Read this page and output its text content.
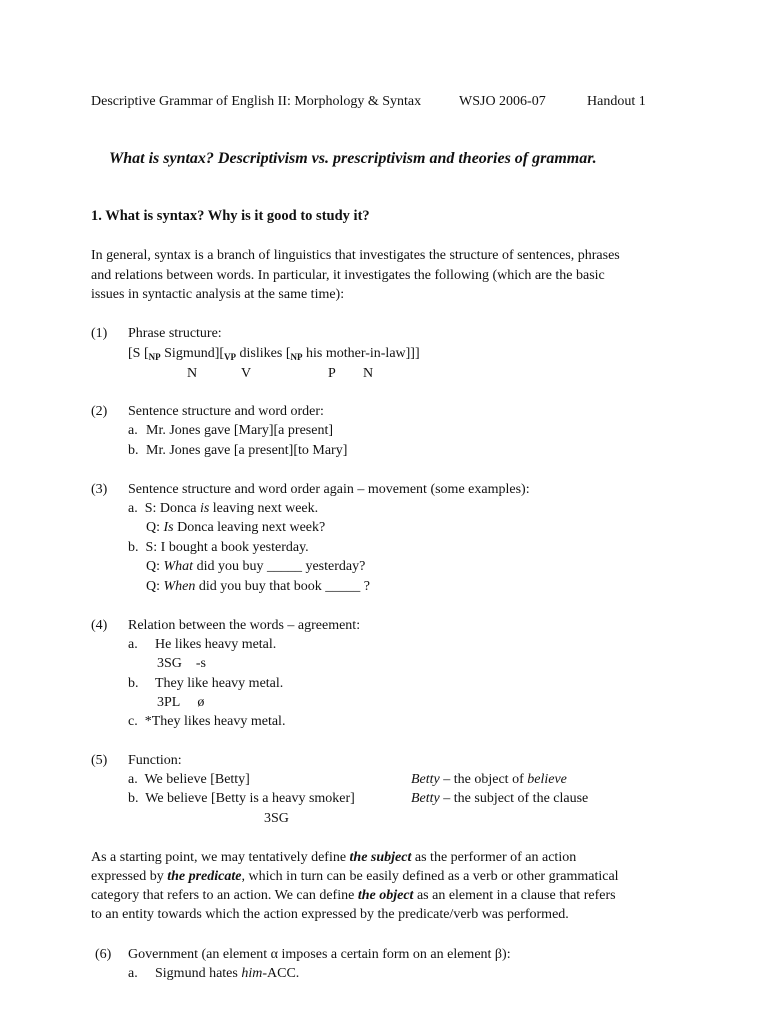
Descriptive Grammar of English II: Morphology & Syntax	WSJO 2006-07	Handout 1
What is syntax? Descriptivism vs. prescriptivism and theories of grammar.
1. What is syntax? Why is it good to study it?
In general, syntax is a branch of linguistics that investigates the structure of sentences, phrases
and relations between words. In particular, it investigates the following (which are the basic
issues in syntactic analysis at the same time):
(1) Phrase structure:
[S [$_{NP}$ $Sigmund][_{VP}$ dislikes [$_{NP}$ his mother-in-law]]]
N	V	P N
(2) Sentence structure and word order:
a. Mr. Jones gave [Mary][a present]
b. Mr. Jones gave [a present][to Mary]
(3) Sentence structure and word order again – movement (some examples):
a.  S: Donca is leaving next week.
Q: Is Donca leaving next week?
b.  S: I bought a book yesterday.
Q: What did you buy _____ yesterday?
Q: When did you buy that book _____ ?
(4) Relation between the words – agreement:
a. He likes heavy metal.
3SG    -s
b. They like heavy metal.
3PL     ø
c.  *They likes heavy metal.
(5) Function:
a.  We believe [Betty]	Betty – the object of believe
b.  We believe [Betty is a heavy smoker]	Betty – the subject of the clause
3SG
As a starting point, we may tentatively define the subject as the performer of an action
expressed by the predicate, which in turn can be easily defined as a verb or other grammatical
category that refers to an action. We can define the object as an element in a clause that refers
to an entity towards which the action expressed by the predicate/verb was performed.
(6) Government (an element α imposes a certain form on an element β):
a. Sigmund hates him-ACC.
